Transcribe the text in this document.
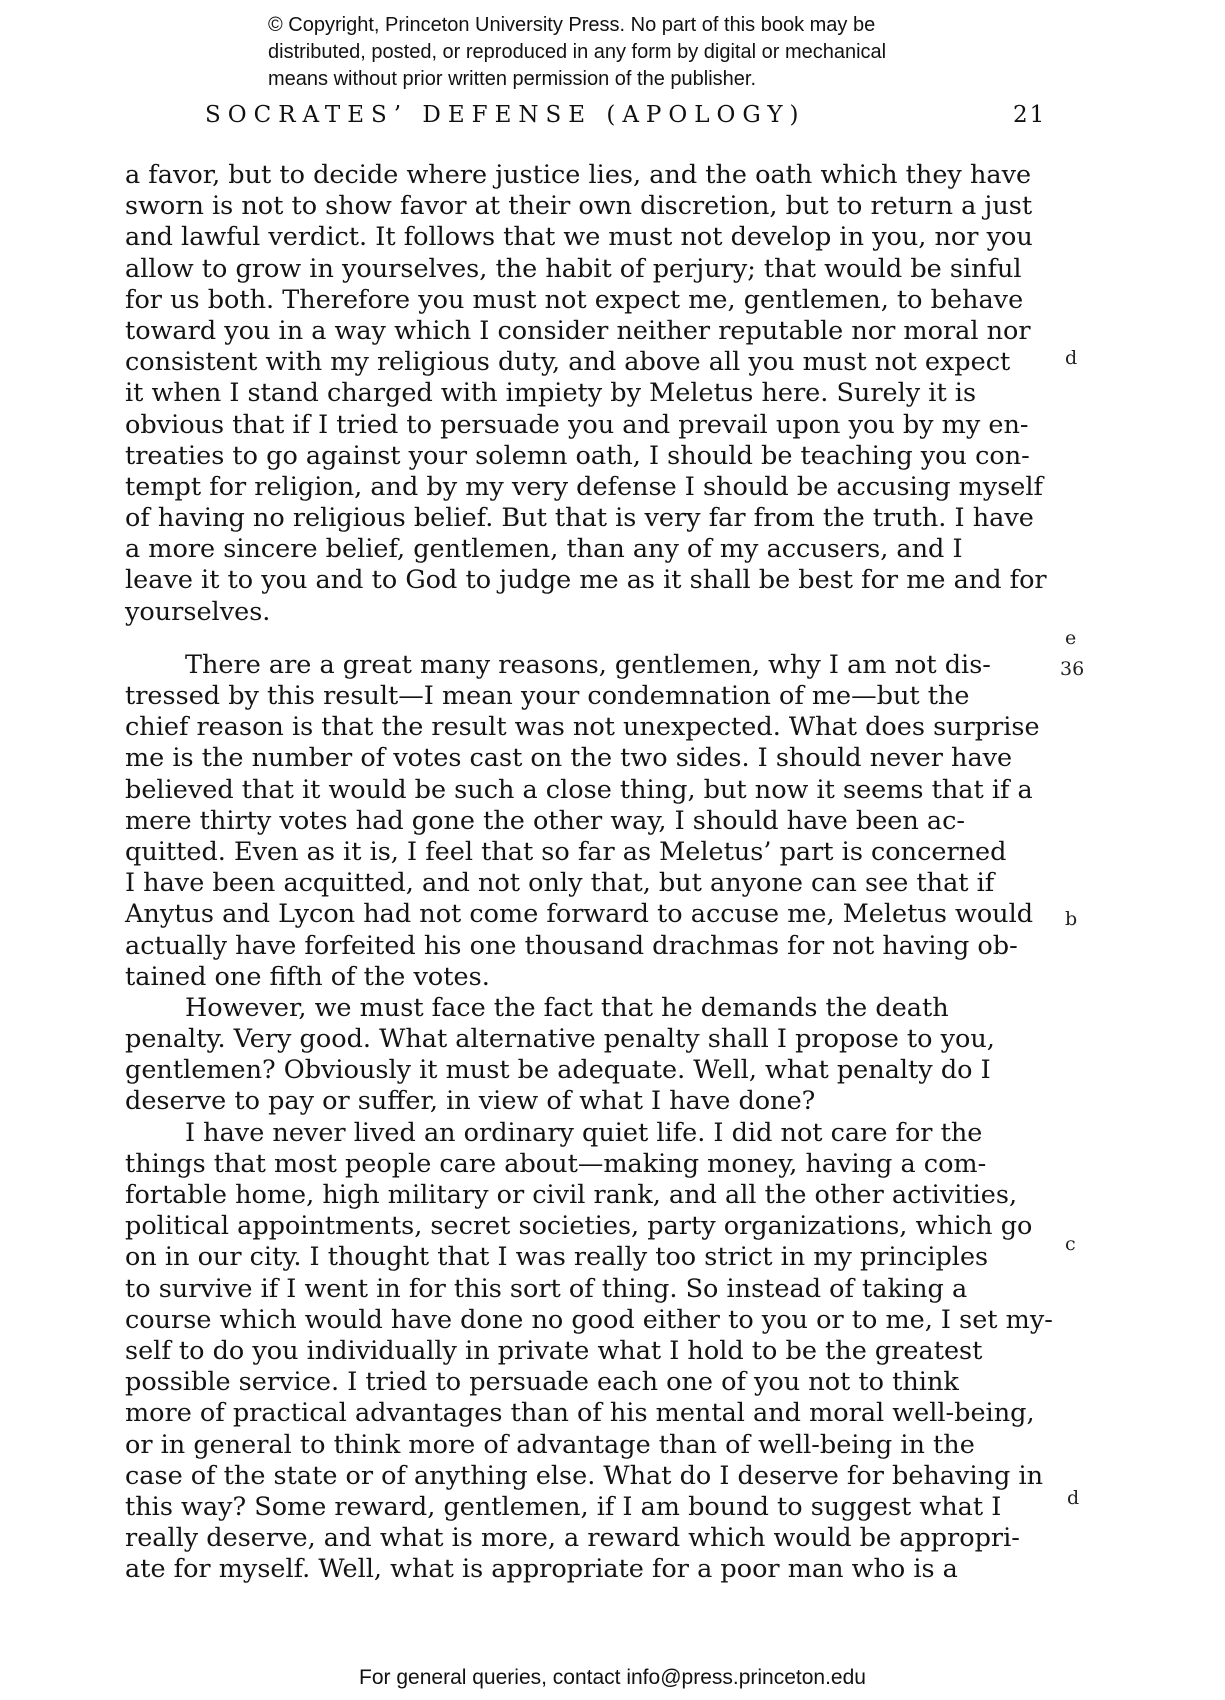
© Copyright, Princeton University Press. No part of this book may be
distributed, posted, or reproduced in any form by digital or mechanical
means without prior written permission of the publisher.
SOCRATES’ DEFENSE (APOLOGY)	21
a favor, but to decide where justice lies, and the oath which they have
sworn is not to show favor at their own discretion, but to return a just
and lawful verdict. It follows that we must not develop in you, nor you
allow to grow in yourselves, the habit of perjury; that would be sinful
for us both. Therefore you must not expect me, gentlemen, to behave
toward you in a way which I consider neither reputable nor moral nor
consistent with my religious duty, and above all you must not expect
it when I stand charged with impiety by Meletus here. Surely it is
obvious that if I tried to persuade you and prevail upon you by my en-
treaties to go against your solemn oath, I should be teaching you con-
tempt for religion, and by my very defense I should be accusing myself
of having no religious belief. But that is very far from the truth. I have
a more sincere belief, gentlemen, than any of my accusers, and I
leave it to you and to God to judge me as it shall be best for me and for
yourselves.
There are a great many reasons, gentlemen, why I am not dis-
tressed by this result—I mean your condemnation of me—but the
chief reason is that the result was not unexpected. What does surprise
me is the number of votes cast on the two sides. I should never have
believed that it would be such a close thing, but now it seems that if a
mere thirty votes had gone the other way, I should have been ac-
quitted. Even as it is, I feel that so far as Meletus’ part is concerned
I have been acquitted, and not only that, but anyone can see that if
Anytus and Lycon had not come forward to accuse me, Meletus would
actually have forfeited his one thousand drachmas for not having ob-
tained one fifth of the votes.
However, we must face the fact that he demands the death
penalty. Very good. What alternative penalty shall I propose to you,
gentlemen? Obviously it must be adequate. Well, what penalty do I
deserve to pay or suffer, in view of what I have done?
I have never lived an ordinary quiet life. I did not care for the
things that most people care about—making money, having a com-
fortable home, high military or civil rank, and all the other activities,
political appointments, secret societies, party organizations, which go
on in our city. I thought that I was really too strict in my principles
to survive if I went in for this sort of thing. So instead of taking a
course which would have done no good either to you or to me, I set my-
self to do you individually in private what I hold to be the greatest
possible service. I tried to persuade each one of you not to think
more of practical advantages than of his mental and moral well-being,
or in general to think more of advantage than of well-being in the
case of the state or of anything else. What do I deserve for behaving in
this way? Some reward, gentlemen, if I am bound to suggest what I
really deserve, and what is more, a reward which would be appropri-
ate for myself. Well, what is appropriate for a poor man who is a
d
e
36
b
c
d
For general queries, contact info@press.princeton.edu
